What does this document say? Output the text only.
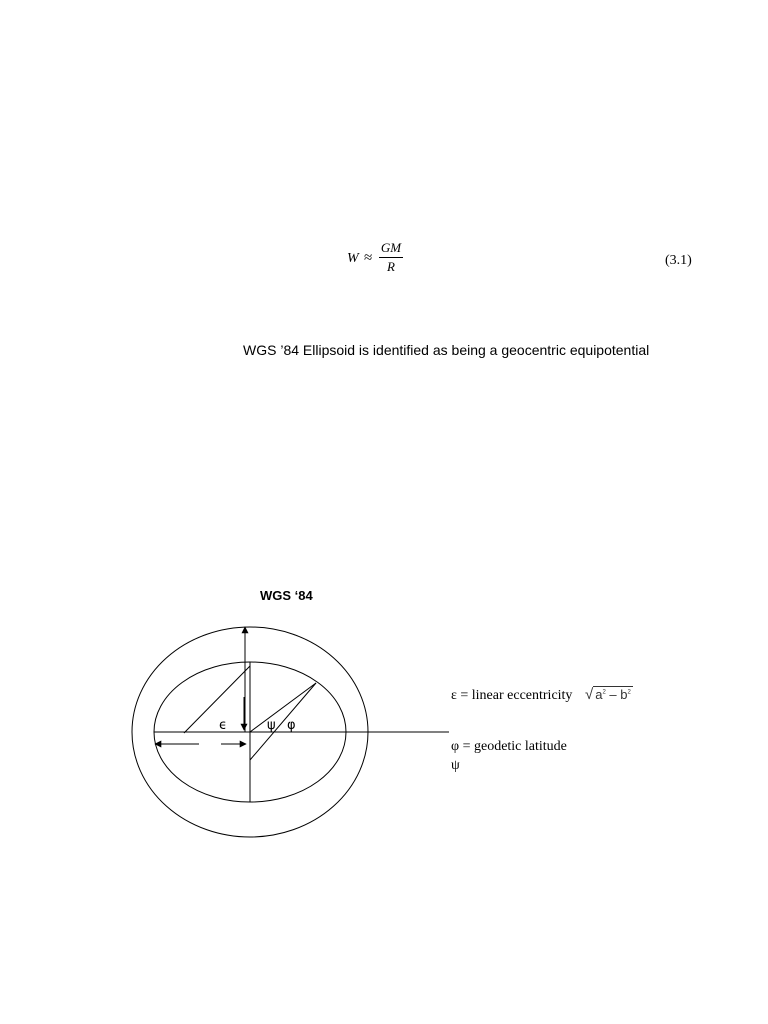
W ≈
GM
R	(3.1)
WGS ’84 Ellipsoid is identified as being a geocentric equipotential
WGS ‘84
ϵ	ψ φ
ε = linear eccentricity √ $a^2 - b^2$
φ = geodetic latitude
ψ
